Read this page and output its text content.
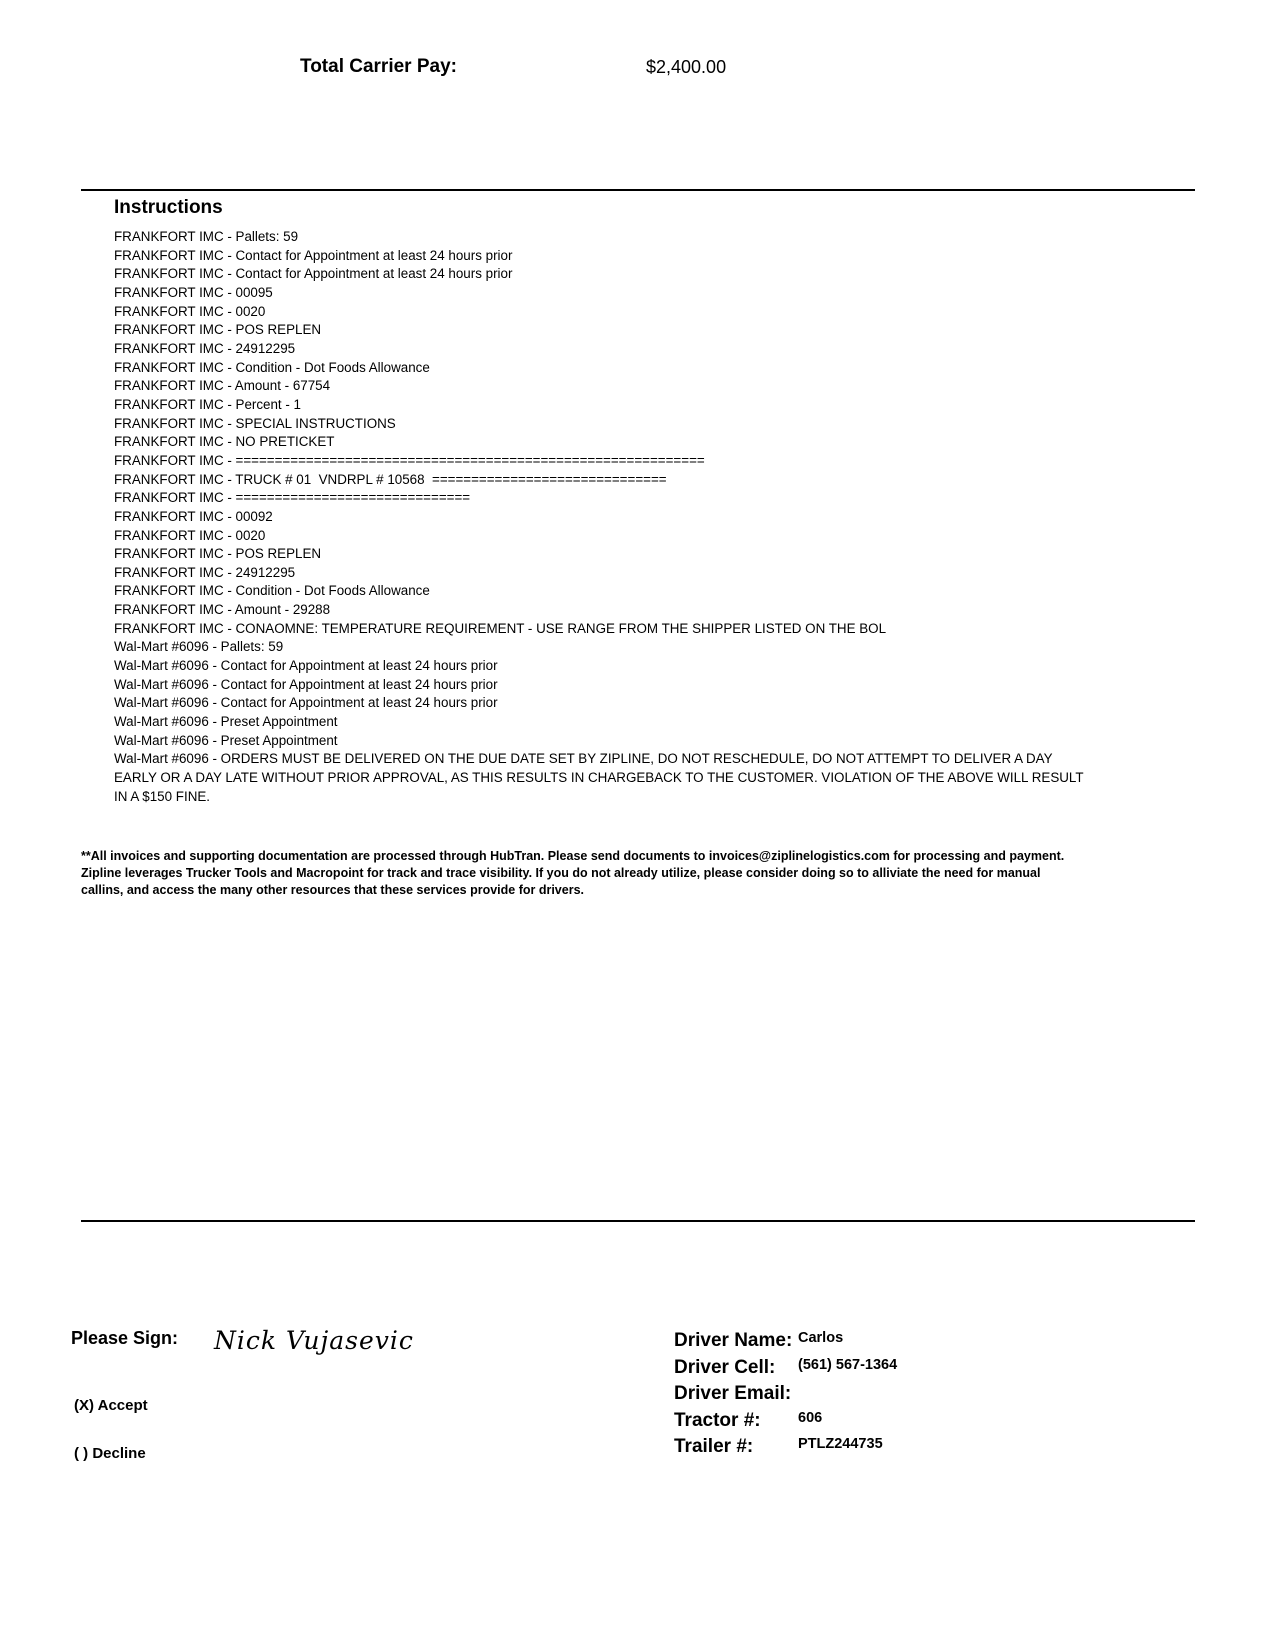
Total Carrier Pay:	$2,400.00
Instructions
FRANKFORT IMC - Pallets: 59
FRANKFORT IMC - Contact for Appointment at least 24 hours prior
FRANKFORT IMC - Contact for Appointment at least 24 hours prior
FRANKFORT IMC - 00095
FRANKFORT IMC - 0020
FRANKFORT IMC - POS REPLEN
FRANKFORT IMC - 24912295
FRANKFORT IMC - Condition - Dot Foods Allowance
FRANKFORT IMC - Amount - 67754
FRANKFORT IMC - Percent - 1
FRANKFORT IMC - SPECIAL INSTRUCTIONS
FRANKFORT IMC - NO PRETICKET
FRANKFORT IMC - ============================================================
FRANKFORT IMC - TRUCK # 01  VNDRPL # 10568  ==============================
FRANKFORT IMC - ==============================
FRANKFORT IMC - 00092
FRANKFORT IMC - 0020
FRANKFORT IMC - POS REPLEN
FRANKFORT IMC - 24912295
FRANKFORT IMC - Condition - Dot Foods Allowance
FRANKFORT IMC - Amount - 29288
FRANKFORT IMC - CONAOMNE: TEMPERATURE REQUIREMENT - USE RANGE FROM THE SHIPPER LISTED ON THE BOL
Wal-Mart #6096 - Pallets: 59
Wal-Mart #6096 - Contact for Appointment at least 24 hours prior
Wal-Mart #6096 - Contact for Appointment at least 24 hours prior
Wal-Mart #6096 - Contact for Appointment at least 24 hours prior
Wal-Mart #6096 - Preset Appointment
Wal-Mart #6096 - Preset Appointment
Wal-Mart #6096 - ORDERS MUST BE DELIVERED ON THE DUE DATE SET BY ZIPLINE, DO NOT RESCHEDULE, DO NOT ATTEMPT TO DELIVER A DAY EARLY OR A DAY LATE WITHOUT PRIOR APPROVAL, AS THIS RESULTS IN CHARGEBACK TO THE CUSTOMER. VIOLATION OF THE ABOVE WILL RESULT IN A $150 FINE.

**All invoices and supporting documentation are processed through HubTran. Please send documents to invoices@ziplinelogistics.com for processing and payment.

Zipline leverages Trucker Tools and Macropoint for track and trace visibility. If you do not already utilize, please consider doing so to alliviate the need for manual callins, and access the many other resources that these services provide for drivers.

Please Sign: Nick Vujasevic
(X) Accept
( ) Decline
Driver Name: Carlos
Driver Cell: (561) 567-1364
Driver Email:
Tractor #:	606
Trailer #:	PTLZ244735
